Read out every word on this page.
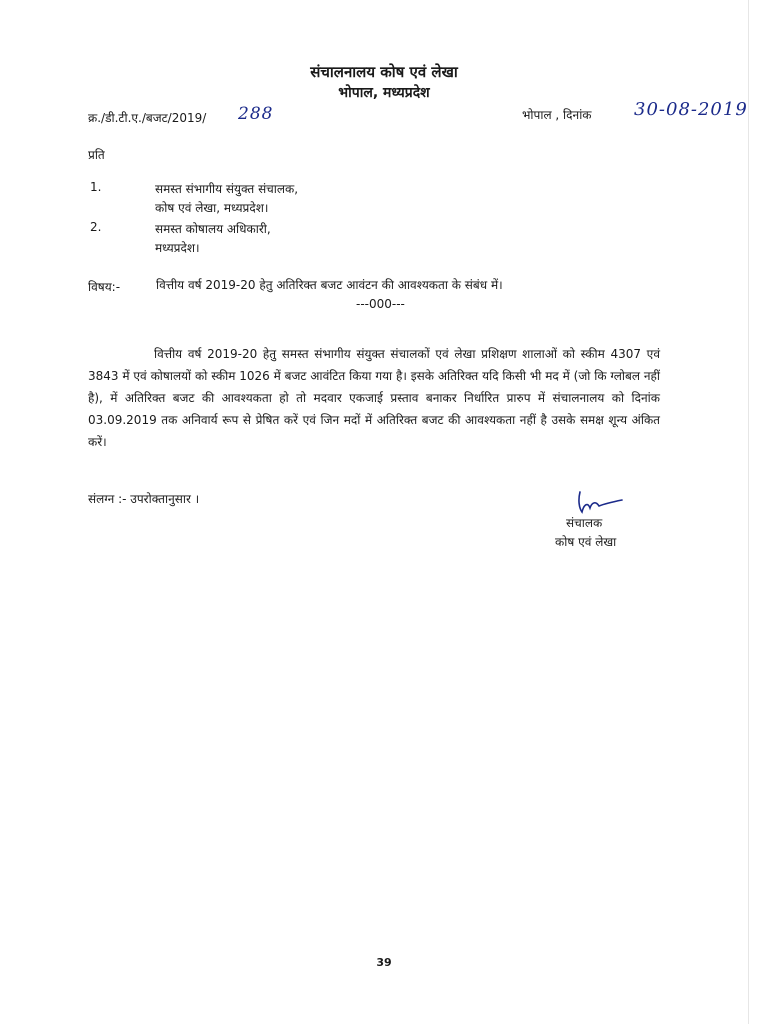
संचालनालय कोष एवं लेखा
भोपाल, मध्यप्रदेश
क्र./डी.टी.ए./बजट/2019/ 288	भोपाल , दिनांक 30-08-2019
प्रति
1.	समस्त संभागीय संयुक्त संचालक,
कोष एवं लेखा, मध्यप्रदेश।
2.	समस्त कोषालय अधिकारी,
मध्यप्रदेश।
विषय:-	वित्तीय वर्ष 2019-20 हेतु अतिरिक्त बजट आवंटन की आवश्यकता के संबंध में।
---000---
वित्तीय वर्ष 2019-20 हेतु समस्त संभागीय संयुक्त संचालकों एवं लेखा प्रशिक्षण शालाओं को स्कीम 4307 एवं 3843 में एवं कोषालयों को स्कीम 1026 में बजट आवंटित किया गया है। इसके अतिरिक्त यदि किसी भी मद में (जो कि ग्लोबल नहीं है), में अतिरिक्त बजट की आवश्यकता हो तो मदवार एकजाई प्रस्ताव बनाकर निर्धारित प्रारुप में संचालनालय को दिनांक 03.09.2019 तक अनिवार्य रूप से प्रेषित करें एवं जिन मदों में अतिरिक्त बजट की आवश्यकता नहीं है उसके समक्ष शून्य अंकित करें।
संलग्न :- उपरोक्तानुसार ।
संचालक
कोष एवं लेखा
39
